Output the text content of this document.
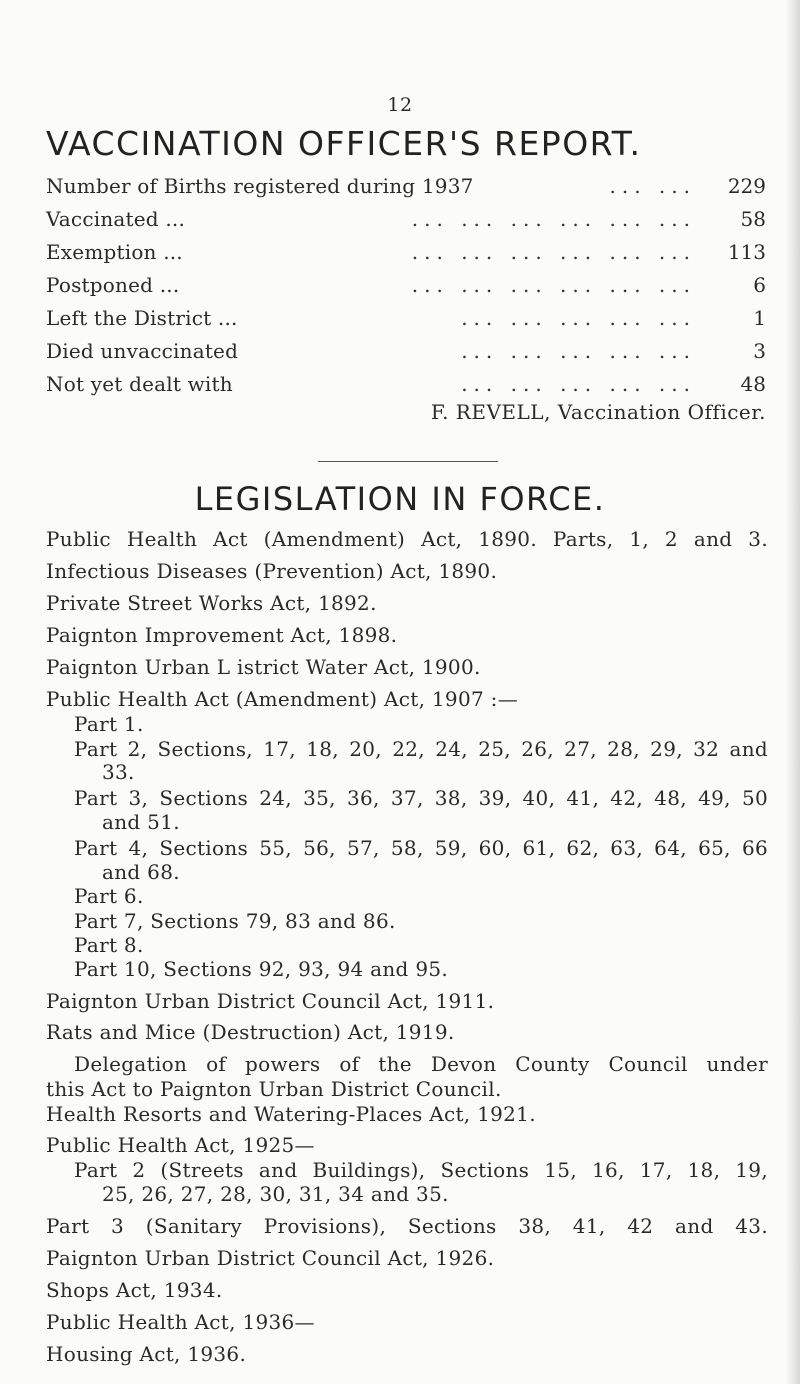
12
VACCINATION OFFICER'S REPORT.
Number of Births registered during 1937	... ...	229
Vaccinated ...	... ... ... ... ... ...	58
Exemption ...	... ... ... ... ... ...	113
Postponed ...	... ... ... ... ... ...	6
Left the District ...	... ... ... ... ...	1
Died unvaccinated	... ... ... ... ...	3
Not yet dealt with	... ... ... ... ...	48
F. REVELL, Vaccination Officer.
LEGISLATION IN FORCE.
Public Health Act (Amendment) Act, 1890. Parts, 1, 2 and 3.
Infectious Diseases (Prevention) Act, 1890.
Private Street Works Act, 1892.
Paignton Improvement Act, 1898.
Paignton Urban L istrict Water Act, 1900.
Public Health Act (Amendment) Act, 1907 :—
Part 1.
Part 2, Sections, 17, 18, 20, 22, 24, 25, 26, 27, 28, 29, 32 and
33.
Part 3, Sections 24, 35, 36, 37, 38, 39, 40, 41, 42, 48, 49, 50
and 51.
Part 4, Sections 55, 56, 57, 58, 59, 60, 61, 62, 63, 64, 65, 66
and 68.
Part 6.
Part 7, Sections 79, 83 and 86.
Part 8.
Part 10, Sections 92, 93, 94 and 95.
Paignton Urban District Council Act, 1911.
Rats and Mice (Destruction) Act, 1919.
Delegation of powers of the Devon County Council under
this Act to Paignton Urban District Council.
Health Resorts and Watering-Places Act, 1921.
Public Health Act, 1925—
Part 2 (Streets and Buildings), Sections 15, 16, 17, 18, 19,
25, 26, 27, 28, 30, 31, 34 and 35.
Part 3 (Sanitary Provisions), Sections 38, 41, 42 and 43.
Paignton Urban District Council Act, 1926.
Shops Act, 1934.
Public Health Act, 1936—
Housing Act, 1936.
